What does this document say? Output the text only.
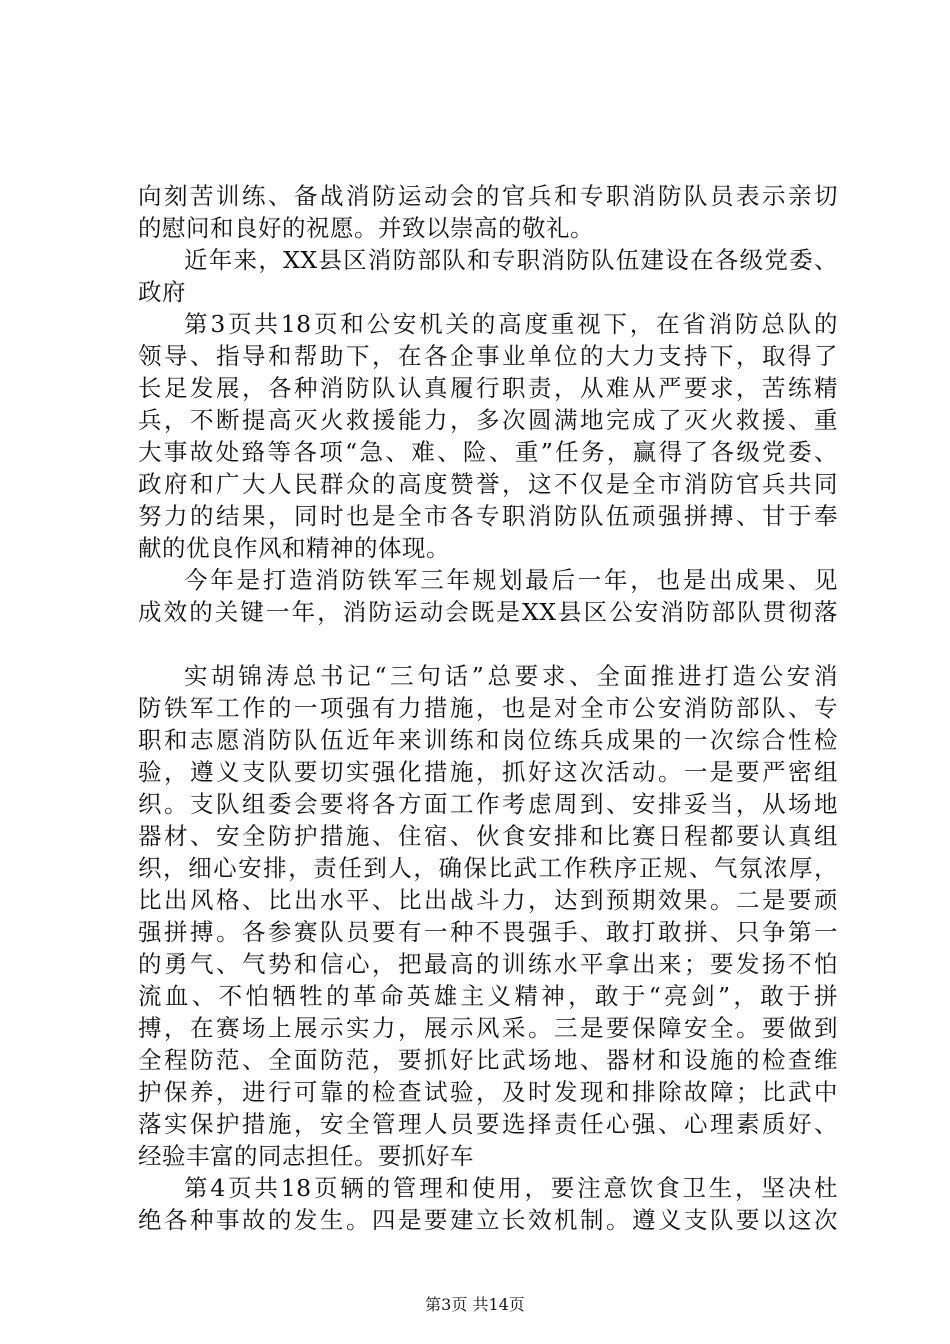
向刻苦训练、备战消防运动会的官兵和专职消防队员表示亲切
的慰问和良好的祝愿。并致以崇高的敬礼。
近年来，XX县区消防部队和专职消防队伍建设在各级党委、
政府
第3页共18页和公安机关的高度重视下，在省消防总队的
领导、指导和帮助下，在各企事业单位的大力支持下，取得了
长足发展，各种消防队认真履行职责，从难从严要求，苦练精
兵，不断提高灭火救援能力，多次圆满地完成了灭火救援、重
大事故处臵等各项“急、难、险、重”任务，赢得了各级党委、
政府和广大人民群众的高度赞誉，这不仅是全市消防官兵共同
努力的结果，同时也是全市各专职消防队伍顽强拼搏、甘于奉
献的优良作风和精神的体现。
今年是打造消防铁军三年规划最后一年，也是出成果、见
成效的关键一年，消防运动会既是XX县区公安消防部队贯彻落
实胡锦涛总书记“三句话”总要求、全面推进打造公安消
防铁军工作的一项强有力措施，也是对全市公安消防部队、专
职和志愿消防队伍近年来训练和岗位练兵成果的一次综合性检
验，遵义支队要切实强化措施，抓好这次活动。一是要严密组
织。支队组委会要将各方面工作考虑周到、安排妥当，从场地
器材、安全防护措施、住宿、伙食安排和比赛日程都要认真组
织，细心安排，责任到人，确保比武工作秩序正规、气氛浓厚，
比出风格、比出水平、比出战斗力，达到预期效果。二是要顽
强拼搏。各参赛队员要有一种不畏强手、敢打敢拼、只争第一
的勇气、气势和信心，把最高的训练水平拿出来；要发扬不怕
流血、不怕牺牲的革命英雄主义精神，敢于“亮剑”，敢于拼
搏，在赛场上展示实力，展示风采。三是要保障安全。要做到
全程防范、全面防范，要抓好比武场地、器材和设施的检查维
护保养，进行可靠的检查试验，及时发现和排除故障；比武中
落实保护措施，安全管理人员要选择责任心强、心理素质好、
经验丰富的同志担任。要抓好车
第4页共18页辆的管理和使用，要注意饮食卫生，坚决杜
绝各种事故的发生。四是要建立长效机制。遵义支队要以这次
第3页 共14页
